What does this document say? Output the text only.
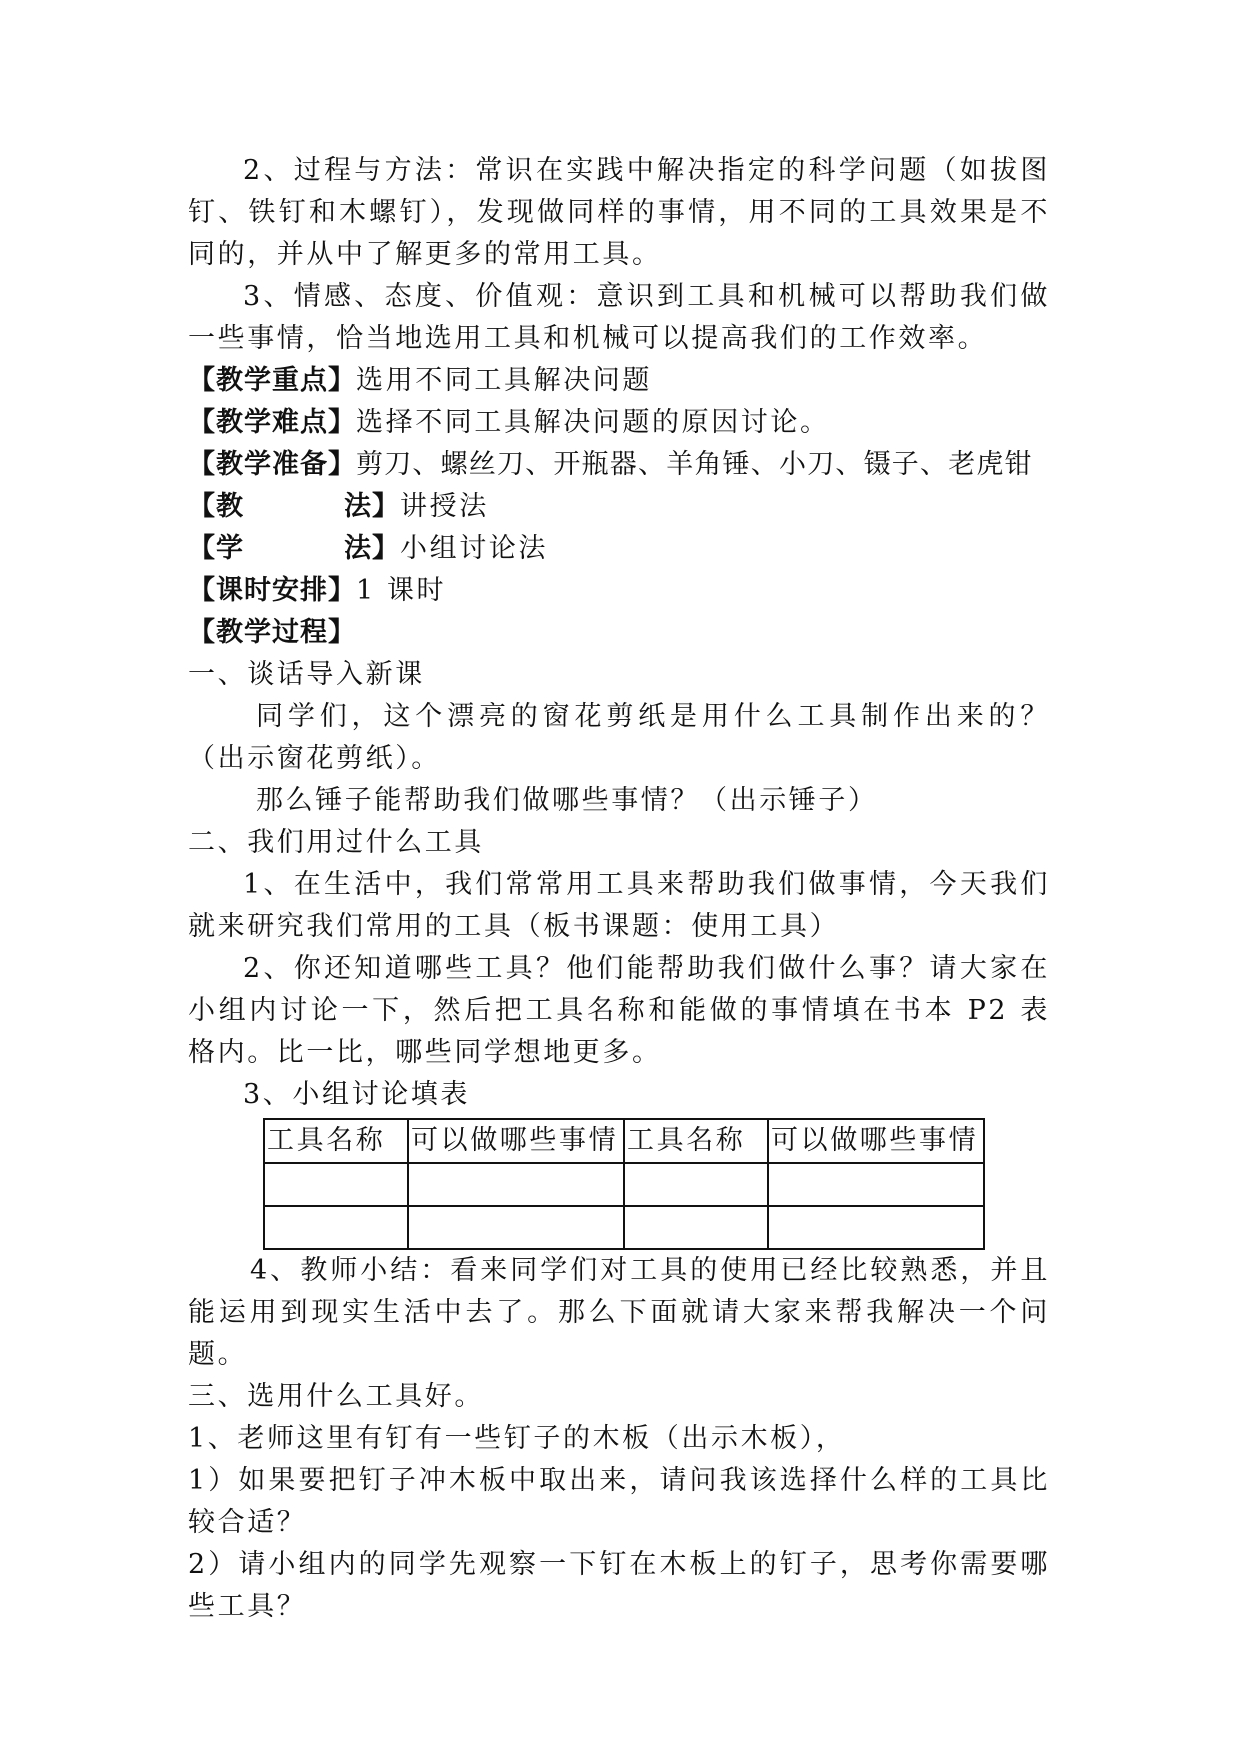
2、过程与方法：常识在实践中解决指定的科学问题（如拔图钉、铁钉和木螺钉），发现做同样的事情，用不同的工具效果是不同的，并从中了解更多的常用工具。

3、情感、态度、价值观：意识到工具和机械可以帮助我们做一些事情，恰当地选用工具和机械可以提高我们的工作效率。

【教学重点】选用不同工具解决问题

【教学难点】选择不同工具解决问题的原因讨论。

【教学准备】剪刀、螺丝刀、开瓶器、羊角锤、小刀、镊子、老虎钳

【教	法】讲授法

【学	法】小组讨论法

【课时安排】1 课时

【教学过程】

一、谈话导入新课

同学们，这个漂亮的窗花剪纸是用什么工具制作出来的？（出示窗花剪纸）。

那么锤子能帮助我们做哪些事情？（出示锤子）

二、我们用过什么工具

1、在生活中，我们常常用工具来帮助我们做事情，今天我们就来研究我们常用的工具（板书课题：使用工具）

2、你还知道哪些工具？他们能帮助我们做什么事？请大家在小组内讨论一下，然后把工具名称和能做的事情填在书本 P2 表格内。比一比，哪些同学想地更多。

3、小组讨论填表

工具名称	可以做哪些事情	工具名称	可以做哪些事情

4、教师小结：看来同学们对工具的使用已经比较熟悉，并且能运用到现实生活中去了。那么下面就请大家来帮我解决一个问题。

三、选用什么工具好。

1、老师这里有钉有一些钉子的木板（出示木板），

1）如果要把钉子冲木板中取出来，请问我该选择什么样的工具比较合适？

2）请小组内的同学先观察一下钉在木板上的钉子，思考你需要哪些工具？
